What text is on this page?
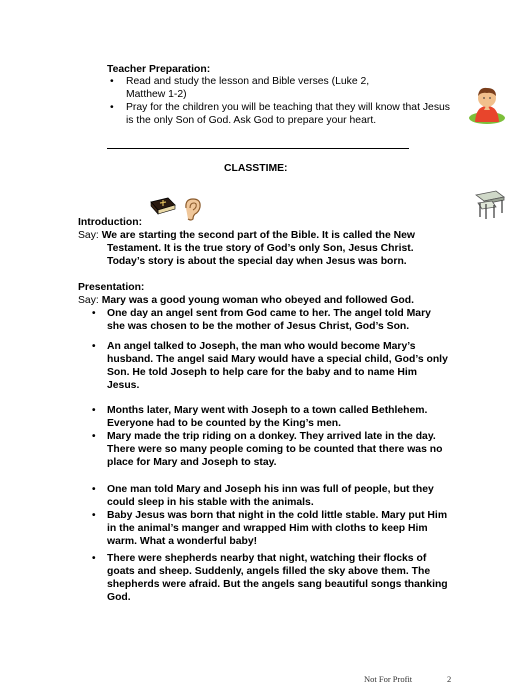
Teacher Preparation:
• Read and study the lesson and Bible verses (Luke 2,
Matthew 1-2)
• Pray for the children you will be teaching that they will know that Jesus
is the only Son of God. Ask God to prepare your heart.
CLASSTIME:
Introduction:
Say: We are starting the second part of the Bible. It is called the New
Testament. It is the true story of God’s only Son, Jesus Christ.
Today’s story is about the special day when Jesus was born.
Presentation:
Say: Mary was a good young woman who obeyed and followed God.
• One day an angel sent from God came to her. The angel told Mary
she was chosen to be the mother of Jesus Christ, God’s Son.
• An angel talked to Joseph, the man who would become Mary’s
husband. The angel said Mary would have a special child, God’s only
Son. He told Joseph to help care for the baby and to name Him
Jesus.
• Months later, Mary went with Joseph to a town called Bethlehem.
Everyone had to be counted by the King’s men.
• Mary made the trip riding on a donkey. They arrived late in the day.
There were so many people coming to be counted that there was no
place for Mary and Joseph to stay.
• One man told Mary and Joseph his inn was full of people, but they
could sleep in his stable with the animals.
• Baby Jesus was born that night in the cold little stable. Mary put Him
in the animal’s manger and wrapped Him with cloths to keep Him
warm. What a wonderful baby!
• There were shepherds nearby that night, watching their flocks of
goats and sheep. Suddenly, angels filled the sky above them. The
shepherds were afraid. But the angels sang beautiful songs thanking
God.
Not For Profit	2
